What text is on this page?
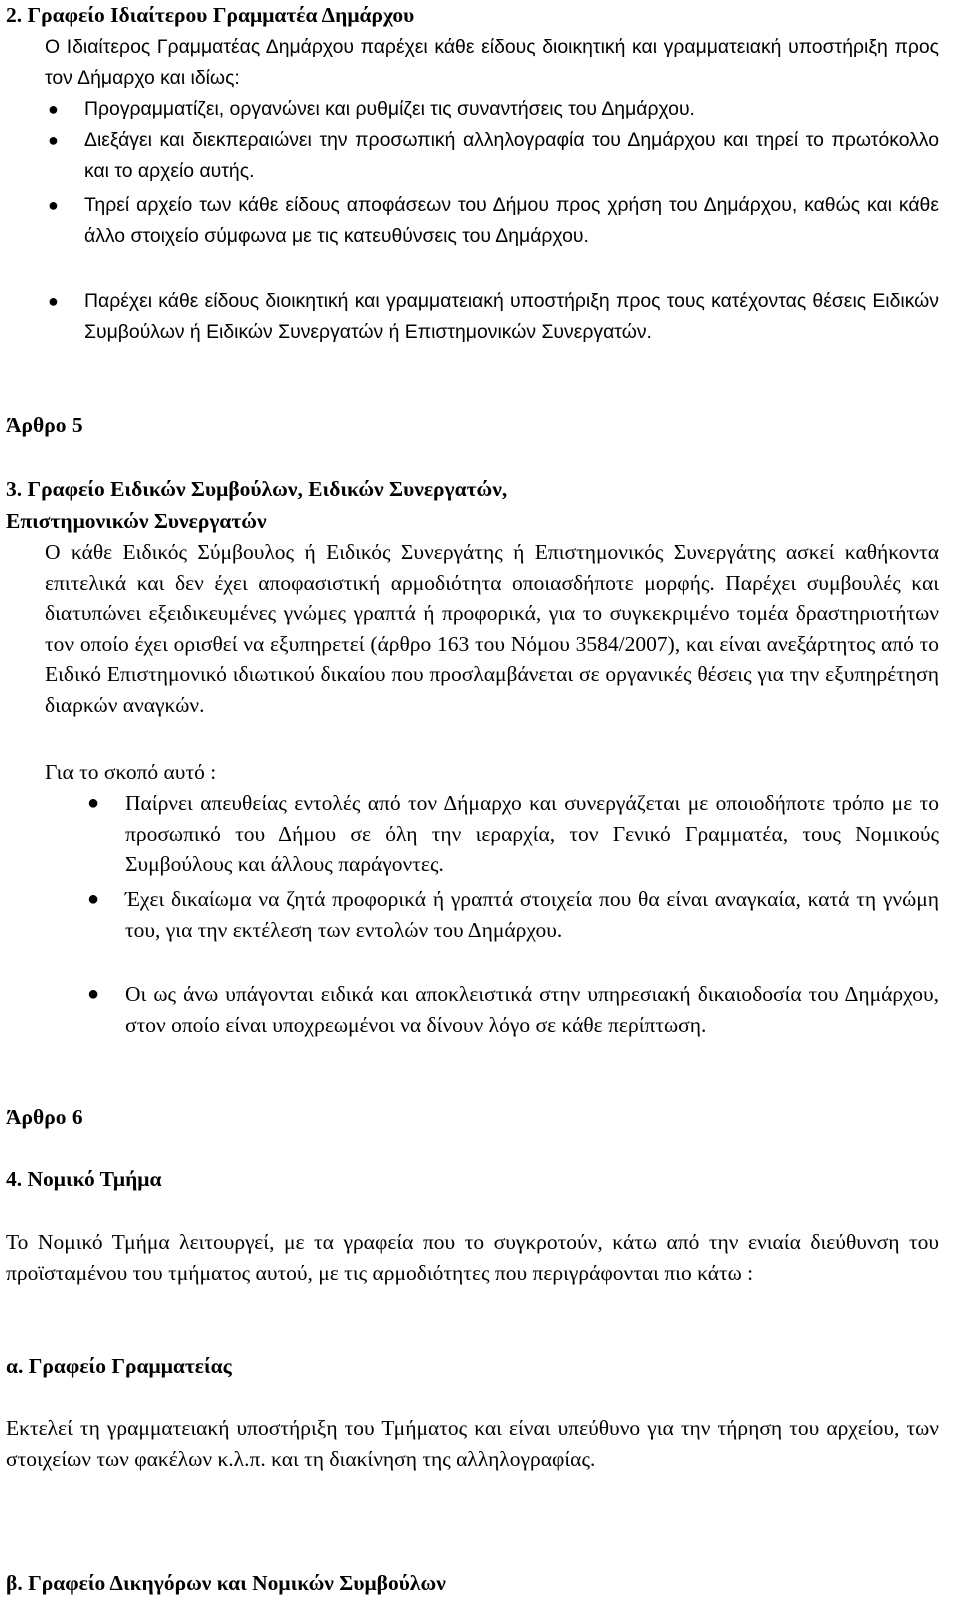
2. Γραφείο Ιδιαίτερου Γραμματέα Δημάρχου
Ο Ιδιαίτερος Γραμματέας Δημάρχου παρέχει κάθε είδους διοικητική και γραμματειακή υποστήριξη προς τον Δήμαρχο και ιδίως:
● Προγραμματίζει, οργανώνει και ρυθμίζει τις συναντήσεις του Δημάρχου.
● Διεξάγει και διεκπεραιώνει την προσωπική αλληλογραφία του Δημάρχου και τηρεί το πρωτόκολλο και το αρχείο αυτής.
● Τηρεί αρχείο των κάθε είδους αποφάσεων του Δήμου προς χρήση του Δημάρχου, καθώς και κάθε άλλο στοιχείο σύμφωνα με τις κατευθύνσεις του Δημάρχου.
● Παρέχει κάθε είδους διοικητική και γραμματειακή υποστήριξη προς τους κατέχοντας θέσεις Ειδικών Συμβούλων ή Ειδικών Συνεργατών ή Επιστημονικών Συνεργατών.
Άρθρο 5
3. Γραφείο Ειδικών Συμβούλων, Ειδικών Συνεργατών,
Επιστημονικών Συνεργατών
Ο κάθε Ειδικός Σύμβουλος ή Ειδικός Συνεργάτης ή Επιστημονικός Συνεργάτης ασκεί καθήκοντα επιτελικά και δεν έχει αποφασιστική αρμοδιότητα οποιασδήποτε μορφής. Παρέχει συμβουλές και διατυπώνει εξειδικευμένες γνώμες γραπτά ή προφορικά, για το συγκεκριμένο τομέα δραστηριοτήτων τον οποίο έχει ορισθεί να εξυπηρετεί (άρθρο 163 του Νόμου 3584/2007), και είναι ανεξάρτητος από το Ειδικό Επιστημονικό ιδιωτικού δικαίου που προσλαμβάνεται σε οργανικές θέσεις για την εξυπηρέτηση διαρκών αναγκών.
Για το σκοπό αυτό :
● Παίρνει απευθείας εντολές από τον Δήμαρχο και συνεργάζεται με οποιοδήποτε τρόπο με το προσωπικό του Δήμου σε όλη την ιεραρχία, τον Γενικό Γραμματέα, τους Νομικούς Συμβούλους και άλλους παράγοντες.
● Έχει δικαίωμα να ζητά προφορικά ή γραπτά στοιχεία που θα είναι αναγκαία, κατά τη γνώμη του, για την εκτέλεση των εντολών του Δημάρχου.
● Οι ως άνω υπάγονται ειδικά και αποκλειστικά στην υπηρεσιακή δικαιοδοσία του Δημάρχου, στον οποίο είναι υποχρεωμένοι να δίνουν λόγο σε κάθε περίπτωση.
Άρθρο 6
4. Νομικό Τμήμα
Το Νομικό Τμήμα λειτουργεί, με τα γραφεία που το συγκροτούν, κάτω από την ενιαία διεύθυνση του προϊσταμένου του τμήματος αυτού, με τις αρμοδιότητες που περιγράφονται πιο κάτω :
α. Γραφείο Γραμματείας
Εκτελεί τη γραμματειακή υποστήριξη του Τμήματος και είναι υπεύθυνο για την τήρηση του αρχείου, των στοιχείων των φακέλων κ.λ.π. και τη διακίνηση της αλληλογραφίας.
β. Γραφείο Δικηγόρων και Νομικών Συμβούλων
